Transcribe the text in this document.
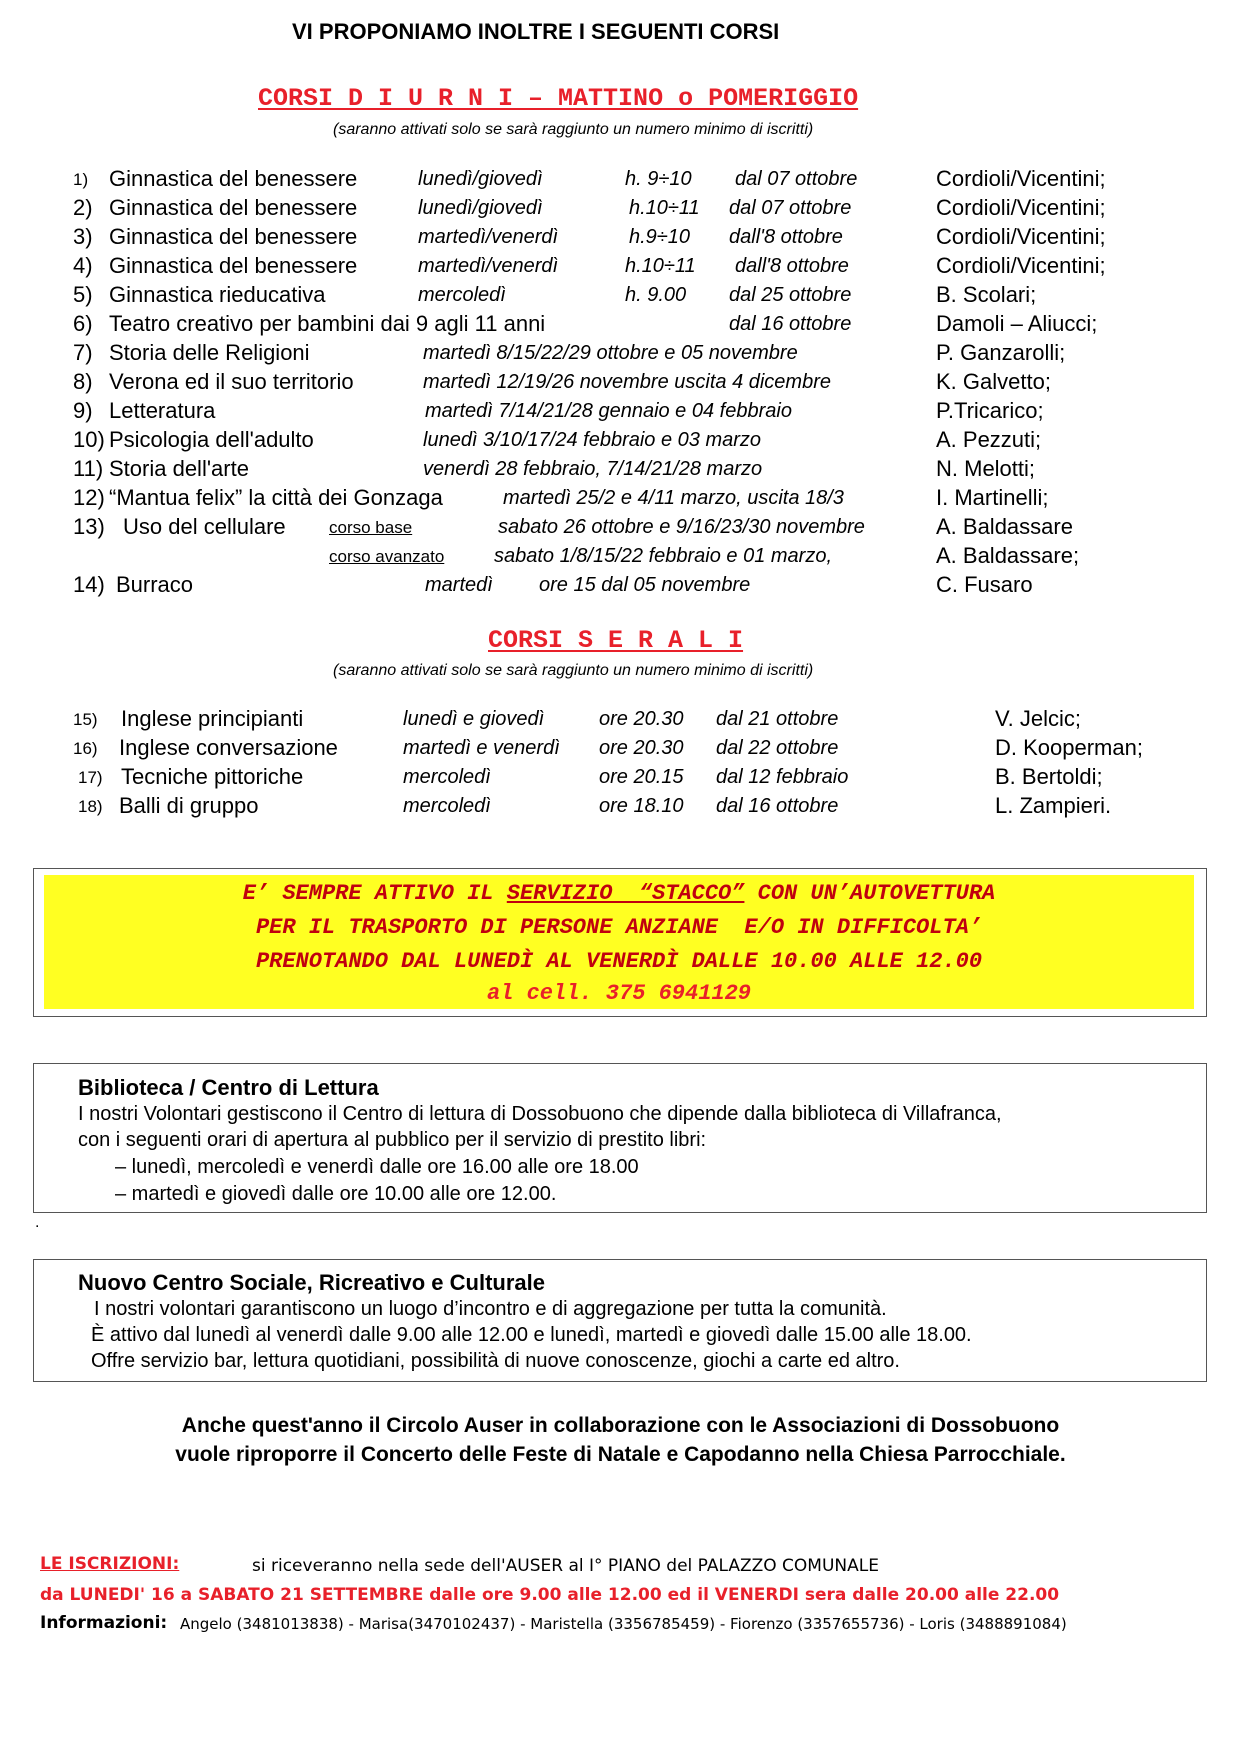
VI PROPONIAMO INOLTRE I SEGUENTI CORSI
CORSI D I U R N I – MATTINO o POMERIGGIO
(saranno attivati solo se sarà raggiunto un numero minimo di iscritti)
1) Ginnastica del benessere	lunedì/giovedì	h. 9÷10 dal 07 ottobre	Cordioli/Vicentini;
2) Ginnastica del benessere	lunedì/giovedì	h.10÷11 dal 07 ottobre	Cordioli/Vicentini;
3) Ginnastica del benessere	martedì/venerdì	h.9÷10 dall'8 ottobre	Cordioli/Vicentini;
4) Ginnastica del benessere	martedì/venerdì	h.10÷11 dall'8 ottobre	Cordioli/Vicentini;
5) Ginnastica rieducativa	mercoledì	h. 9.00 dal 25 ottobre	B. Scolari;
6) Teatro creativo per bambini dai 9 agli 11 anni	dal 16 ottobre	Damoli – Aliucci;
7) Storia delle Religioni	martedì 8/15/22/29 ottobre e 05 novembre	P. Ganzarolli;
8) Verona ed il suo territorio	martedì 12/19/26 novembre uscita 4 dicembre	K. Galvetto;
9) Letteratura	martedì 7/14/21/28 gennaio e 04 febbraio	P.Tricarico;
10) Psicologia dell'adulto	lunedì 3/10/17/24 febbraio e 03 marzo	A. Pezzuti;
11) Storia dell'arte	venerdì 28 febbraio, 7/14/21/28 marzo	N. Melotti;
12) “Mantua felix” la città dei Gonzaga	martedì 25/2 e 4/11 marzo, uscita 18/3	I. Martinelli;
13) Uso del cellulare	corso base	sabato 26 ottobre e 9/16/23/30 novembre	A. Baldassare
corso avanzato sabato 1/8/15/22 febbraio e 01 marzo,	A. Baldassare;
14) Burraco	martedì ore 15 dal 05 novembre	C. Fusaro
CORSI S E R A L I
(saranno attivati solo se sarà raggiunto un numero minimo di iscritti)
15) Inglese principianti	lunedì e giovedì	ore 20.30 dal 21 ottobre	V. Jelcic;
16) Inglese conversazione	martedì e venerdì ore 20.30 dal 22 ottobre	D. Kooperman;
17) Tecniche pittoriche	mercoledì	ore 20.15 dal 12 febbraio	B. Bertoldi;
18) Balli di gruppo	mercoledì	ore 18.10 dal 16 ottobre	L. Zampieri.
E’ SEMPRE ATTIVO IL SERVIZIO  “STACCO” CON UN’AUTOVETTURA
PER IL TRASPORTO DI PERSONE ANZIANE  E/O IN DIFFICOLTA’
PRENOTANDO DAL LUNEDÌ AL VENERDÌ DALLE 10.00 ALLE 12.00
al cell. 375 6941129
Biblioteca / Centro di Lettura
I nostri Volontari gestiscono il Centro di lettura di Dossobuono che dipende dalla biblioteca di Villafranca,
con i seguenti orari di apertura al pubblico per il servizio di prestito libri:
– lunedì, mercoledì e venerdì dalle ore 16.00 alle ore 18.00
– martedì e giovedì dalle ore 10.00 alle ore 12.00.
.
Nuovo Centro Sociale, Ricreativo e Culturale
I nostri volontari garantiscono un luogo d’incontro e di aggregazione per tutta la comunità.
È attivo dal lunedì al venerdì dalle 9.00 alle 12.00 e lunedì, martedì e giovedì dalle 15.00 alle 18.00.
Offre servizio bar, lettura quotidiani, possibilità di nuove conoscenze, giochi a carte ed altro.
Anche quest'anno il Circolo Auser in collaborazione con le Associazioni di Dossobuono
vuole riproporre il Concerto delle Feste di Natale e Capodanno nella Chiesa Parrocchiale.
LE ISCRIZIONI:	si riceveranno nella sede dell'AUSER al I° PIANO del PALAZZO COMUNALE
da LUNEDI' 16 a SABATO 21 SETTEMBRE dalle ore 9.00 alle 12.00 ed il VENERDI sera dalle 20.00 alle 22.00
Informazioni: Angelo (3481013838) - Marisa(3470102437) - Maristella (3356785459) - Fiorenzo (3357655736) - Loris (3488891084)
